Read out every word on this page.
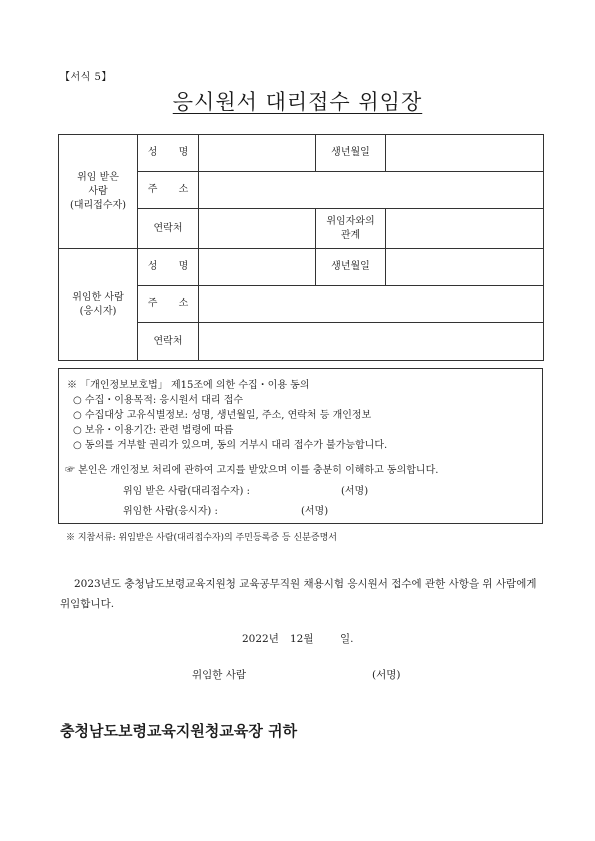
【서식 5】
응시원서 대리접수 위임장
위임 받은
사람
(대리접수자)	성 명		생년월일	
	주 소			
	연락처		위임자와의
관계	

위임한 사람
(응시자)	성 명		생년월일	
	주 소			
	연락처			
※ 「개인정보보호법」 제15조에 의한 수집・이용 동의
○ 수집・이용목적: 응시원서 대리 접수
○ 수집대상 고유식별정보: 성명, 생년월일, 주소, 연락처 등 개인정보
○ 보유・이용기간: 관련 법령에 따름
○ 동의를 거부할 권리가 있으며, 동의 거부시 대리 접수가 불가능합니다.
☞ 본인은 개인정보 처리에 관하여 고지를 받았으며 이를 충분히 이해하고 동의합니다.
위임 받은 사람(대리접수자) :	(서명)
위임한 사람(응시자) :	(서명)
※ 지참서류: 위임받은 사람(대리접수자)의 주민등록증 등 신분증명서
2023년도 충청남도보령교육지원청 교육공무직원 채용시험 응시원서 접수에 관한 사항을 위 사람에게 위임합니다.
2022년 12월	일.
위임한 사람	(서명)
충청남도보령교육지원청교육장 귀하
